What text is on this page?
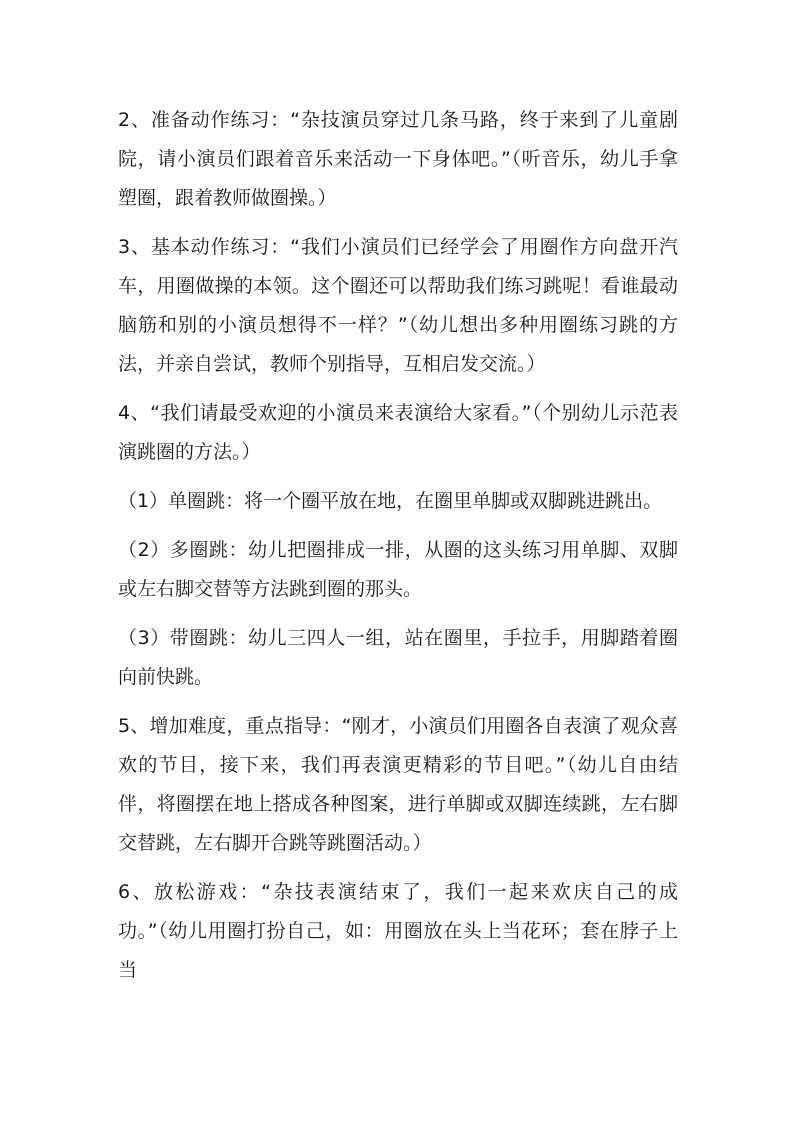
2、准备动作练习：“杂技演员穿过几条马路，终于来到了儿童剧院，请小演员们跟着音乐来活动一下身体吧。”（听音乐，幼儿手拿塑圈，跟着教师做圈操。）

3、基本动作练习：“我们小演员们已经学会了用圈作方向盘开汽车，用圈做操的本领。这个圈还可以帮助我们练习跳呢！看谁最动脑筋和别的小演员想得不一样？”（幼儿想出多种用圈练习跳的方法，并亲自尝试，教师个别指导，互相启发交流。）

4、“我们请最受欢迎的小演员来表演给大家看。”（个别幼儿示范表演跳圈的方法。）

（1）单圈跳：将一个圈平放在地，在圈里单脚或双脚跳进跳出。

（2）多圈跳：幼儿把圈排成一排，从圈的这头练习用单脚、双脚或左右脚交替等方法跳到圈的那头。

（3）带圈跳：幼儿三四人一组，站在圈里，手拉手，用脚踏着圈向前快跳。

5、增加难度，重点指导：“刚才，小演员们用圈各自表演了观众喜欢的节目，接下来，我们再表演更精彩的节目吧。”（幼儿自由结伴，将圈摆在地上搭成各种图案，进行单脚或双脚连续跳，左右脚交替跳，左右脚开合跳等跳圈活动。）

6、放松游戏：“杂技表演结束了，我们一起来欢庆自己的成功。”（幼儿用圈打扮自己，如：用圈放在头上当花环；套在脖子上当
